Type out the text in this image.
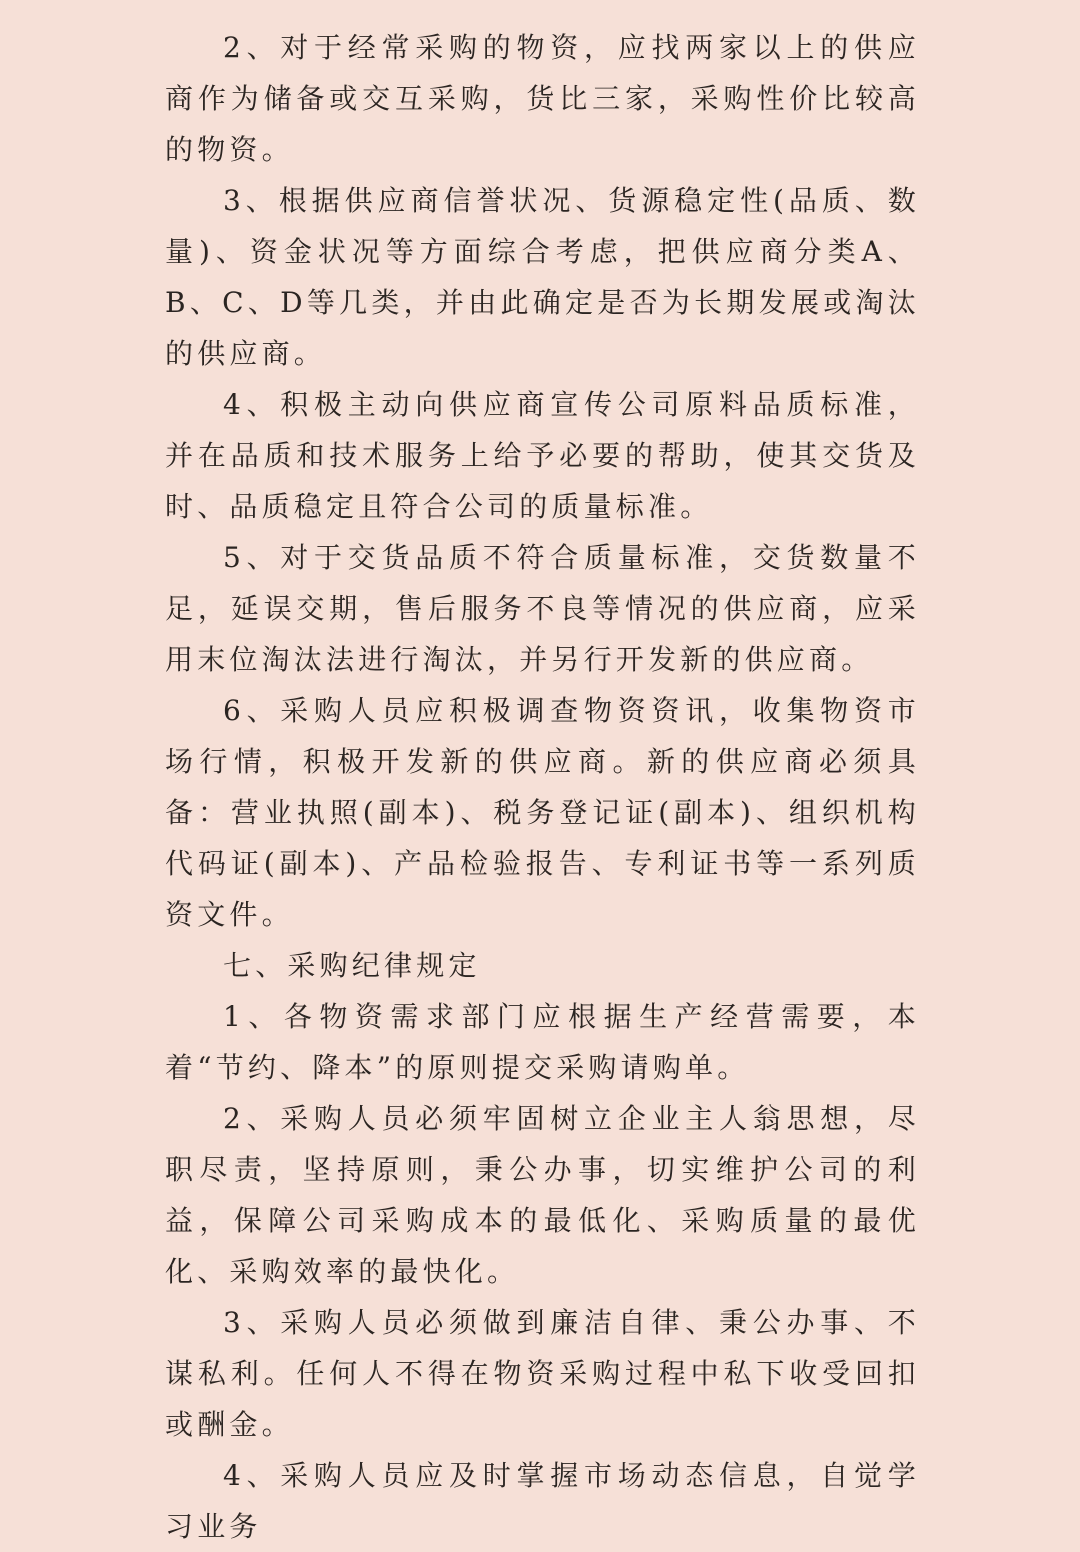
2、对于经常采购的物资，应找两家以上的供应商作为储备或交互采购，货比三家，采购性价比较高的物资。

3、根据供应商信誉状况、货源稳定性(品质、数量)、资金状况等方面综合考虑，把供应商分类A、B、C、D等几类，并由此确定是否为长期发展或淘汰的供应商。

4、积极主动向供应商宣传公司原料品质标准，并在品质和技术服务上给予必要的帮助，使其交货及时、品质稳定且符合公司的质量标准。

5、对于交货品质不符合质量标准，交货数量不足，延误交期，售后服务不良等情况的供应商，应采用末位淘汰法进行淘汰，并另行开发新的供应商。

6、采购人员应积极调查物资资讯，收集物资市场行情，积极开发新的供应商。新的供应商必须具备：营业执照(副本)、税务登记证(副本)、组织机构代码证(副本)、产品检验报告、专利证书等一系列质资文件。

七、采购纪律规定

1、各物资需求部门应根据生产经营需要，本着“节约、降本”的原则提交采购请购单。

2、采购人员必须牢固树立企业主人翁思想，尽职尽责，坚持原则，秉公办事，切实维护公司的利益，保障公司采购成本的最低化、采购质量的最优化、采购效率的最快化。

3、采购人员必须做到廉洁自律、秉公办事、不谋私利。任何人不得在物资采购过程中私下收受回扣或酬金。

4、采购人员应及时掌握市场动态信息，自觉学习业务
